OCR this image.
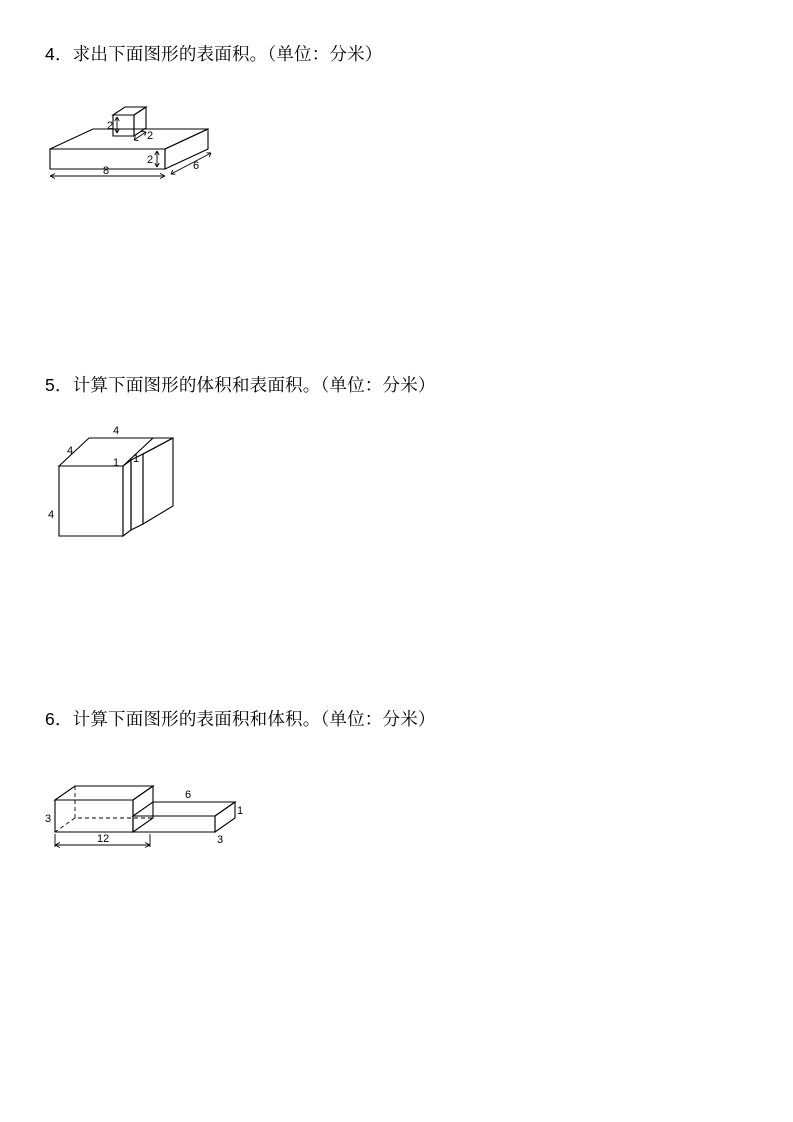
4．求出下面图形的表面积。（单位：分米）
2
2
2	6
8
5．计算下面图形的体积和表面积。（单位：分米）
4
4
1 1
4
6．计算下面图形的表面积和体积。（单位：分米）
3
6
1
3
12
